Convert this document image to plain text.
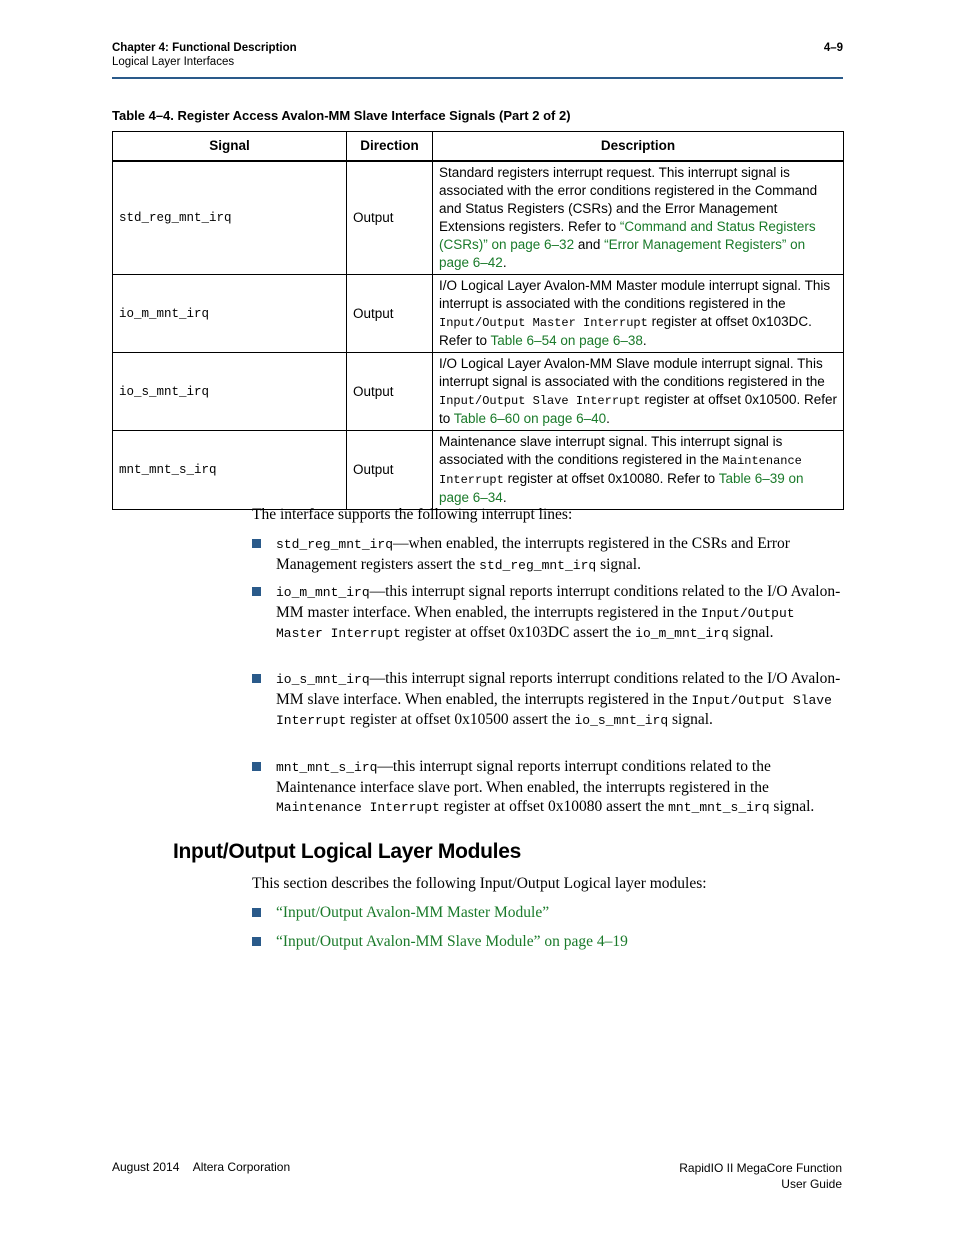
Chapter 4: Functional Description
Logical Layer Interfaces
4–9
Table 4–4. Register Access Avalon-MM Slave Interface Signals (Part 2 of 2)
Signal	Direction	Description
std_reg_mnt_irq	Output	Standard registers interrupt request. This interrupt signal is associated with the error conditions registered in the Command and Status Registers (CSRs) and the Error Management Extensions registers. Refer to “Command and Status Registers (CSRs)” on page 6–32 and “Error Management Registers” on page 6–42.
io_m_mnt_irq	Output	I/O Logical Layer Avalon-MM Master module interrupt signal. This interrupt is associated with the conditions registered in the Input/Output Master Interrupt register at offset 0x103DC. Refer to Table 6–54 on page 6–38.
io_s_mnt_irq	Output	I/O Logical Layer Avalon-MM Slave module interrupt signal. This interrupt signal is associated with the conditions registered in the Input/Output Slave Interrupt register at offset 0x10500. Refer to Table 6–60 on page 6–40.
mnt_mnt_s_irq	Output	Maintenance slave interrupt signal. This interrupt signal is associated with the conditions registered in the Maintenance Interrupt register at offset 0x10080. Refer to Table 6–39 on page 6–34.
The interface supports the following interrupt lines:
std_reg_mnt_irq—when enabled, the interrupts registered in the CSRs and Error Management registers assert the std_reg_mnt_irq signal.
io_m_mnt_irq—this interrupt signal reports interrupt conditions related to the I/O Avalon-MM master interface. When enabled, the interrupts registered in the Input/Output Master Interrupt register at offset 0x103DC assert the io_m_mnt_irq signal.
io_s_mnt_irq—this interrupt signal reports interrupt conditions related to the I/O Avalon-MM slave interface. When enabled, the interrupts registered in the Input/Output Slave Interrupt register at offset 0x10500 assert the io_s_mnt_irq signal.
mnt_mnt_s_irq—this interrupt signal reports interrupt conditions related to the Maintenance interface slave port. When enabled, the interrupts registered in the Maintenance Interrupt register at offset 0x10080 assert the mnt_mnt_s_irq signal.
Input/Output Logical Layer Modules
This section describes the following Input/Output Logical layer modules:
“Input/Output Avalon-MM Master Module”
“Input/Output Avalon-MM Slave Module” on page 4–19
August 2014 Altera Corporation	RapidIO II MegaCore Function
User Guide
